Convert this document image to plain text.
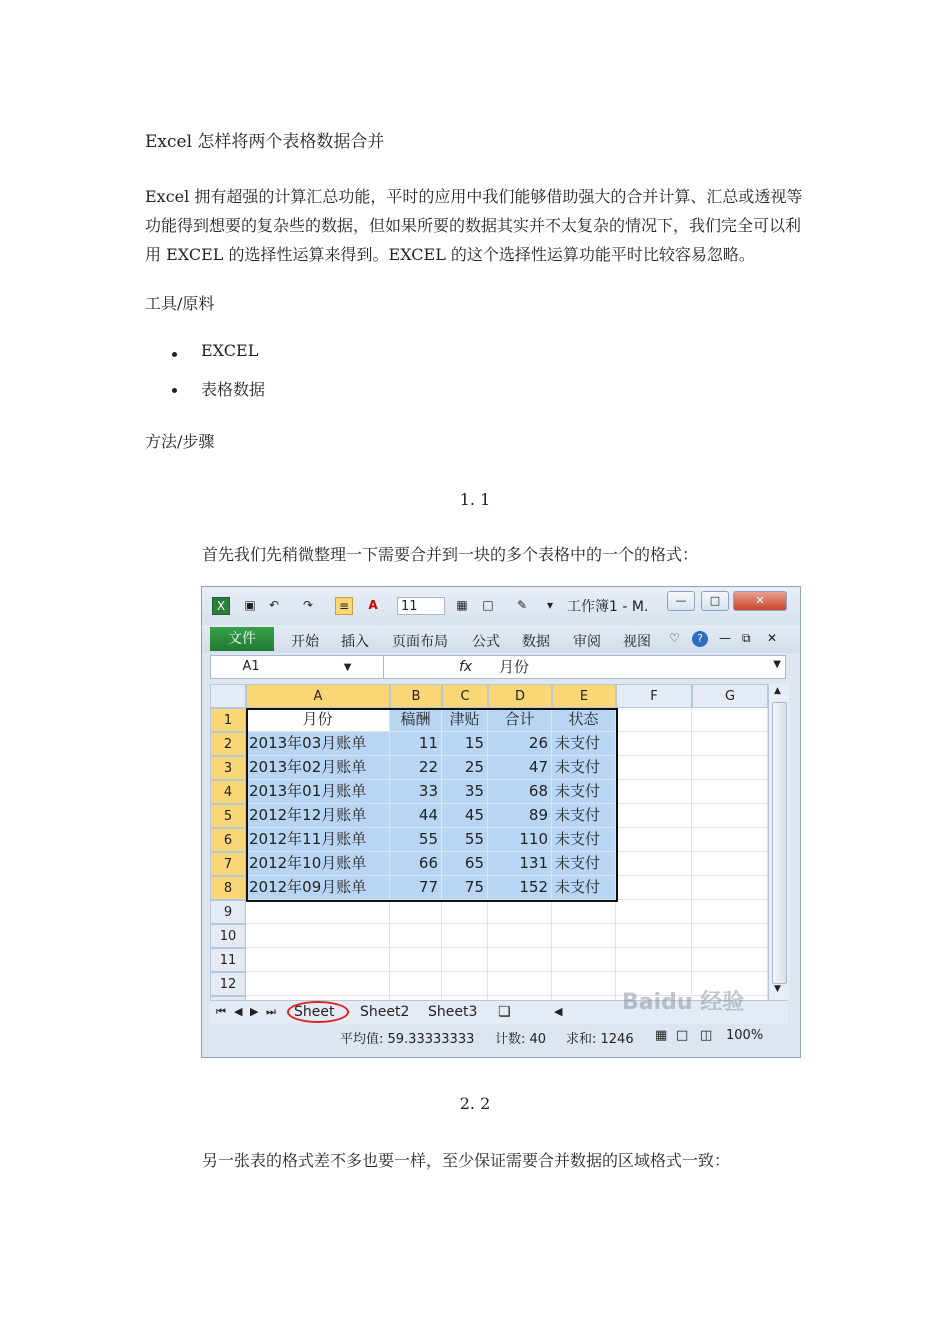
Excel 怎样将两个表格数据合并
Excel 拥有超强的计算汇总功能，平时的应用中我们能够借助强大的合并计算、汇总或透视等功能得到想要的复杂些的数据，但如果所要的数据其实并不太复杂的情况下，我们完全可以利用 EXCEL 的选择性运算来得到。EXCEL 的这个选择性运算功能平时比较容易忽略。
工具/原料
EXCEL
表格数据
方法/步骤
1. 1
首先我们先稍微整理一下需要合并到一块的多个表格中的一个的格式：
X	▣ ↶ ↷	≡	A	11	▦ □ ✎	▾ 工作簿1 - M.	—	□	✕
文件	开始 插入 页面布局 公式 数据 审阅 视图 ♡	?	— ⧉ ✕
A1	▼	fx 月份	▼
A	B	C	D	E	F	G
1	月份	稿酬	津贴	合计	状态
2	2013年03月账单	11	15	26 未支付
3	2013年02月账单	22	25	47 未支付
4	2013年01月账单	33	35	68 未支付
5	2012年12月账单	44	45	89 未支付
6	2012年11月账单	55	55	110 未支付
7	2012年10月账单	66	65	131 未支付
8	2012年09月账单	77	75	152 未支付
9
10
11
12
▲
▼
⏮ ◀ ▶ ⏭ Sheet Sheet2 Sheet3 ❏	◀
平均值: 59.33333333 计数: 40 求和: 1246 ▦ □ ◫ 100%
Baidu 经验
2. 2
另一张表的格式差不多也要一样，至少保证需要合并数据的区域格式一致：
